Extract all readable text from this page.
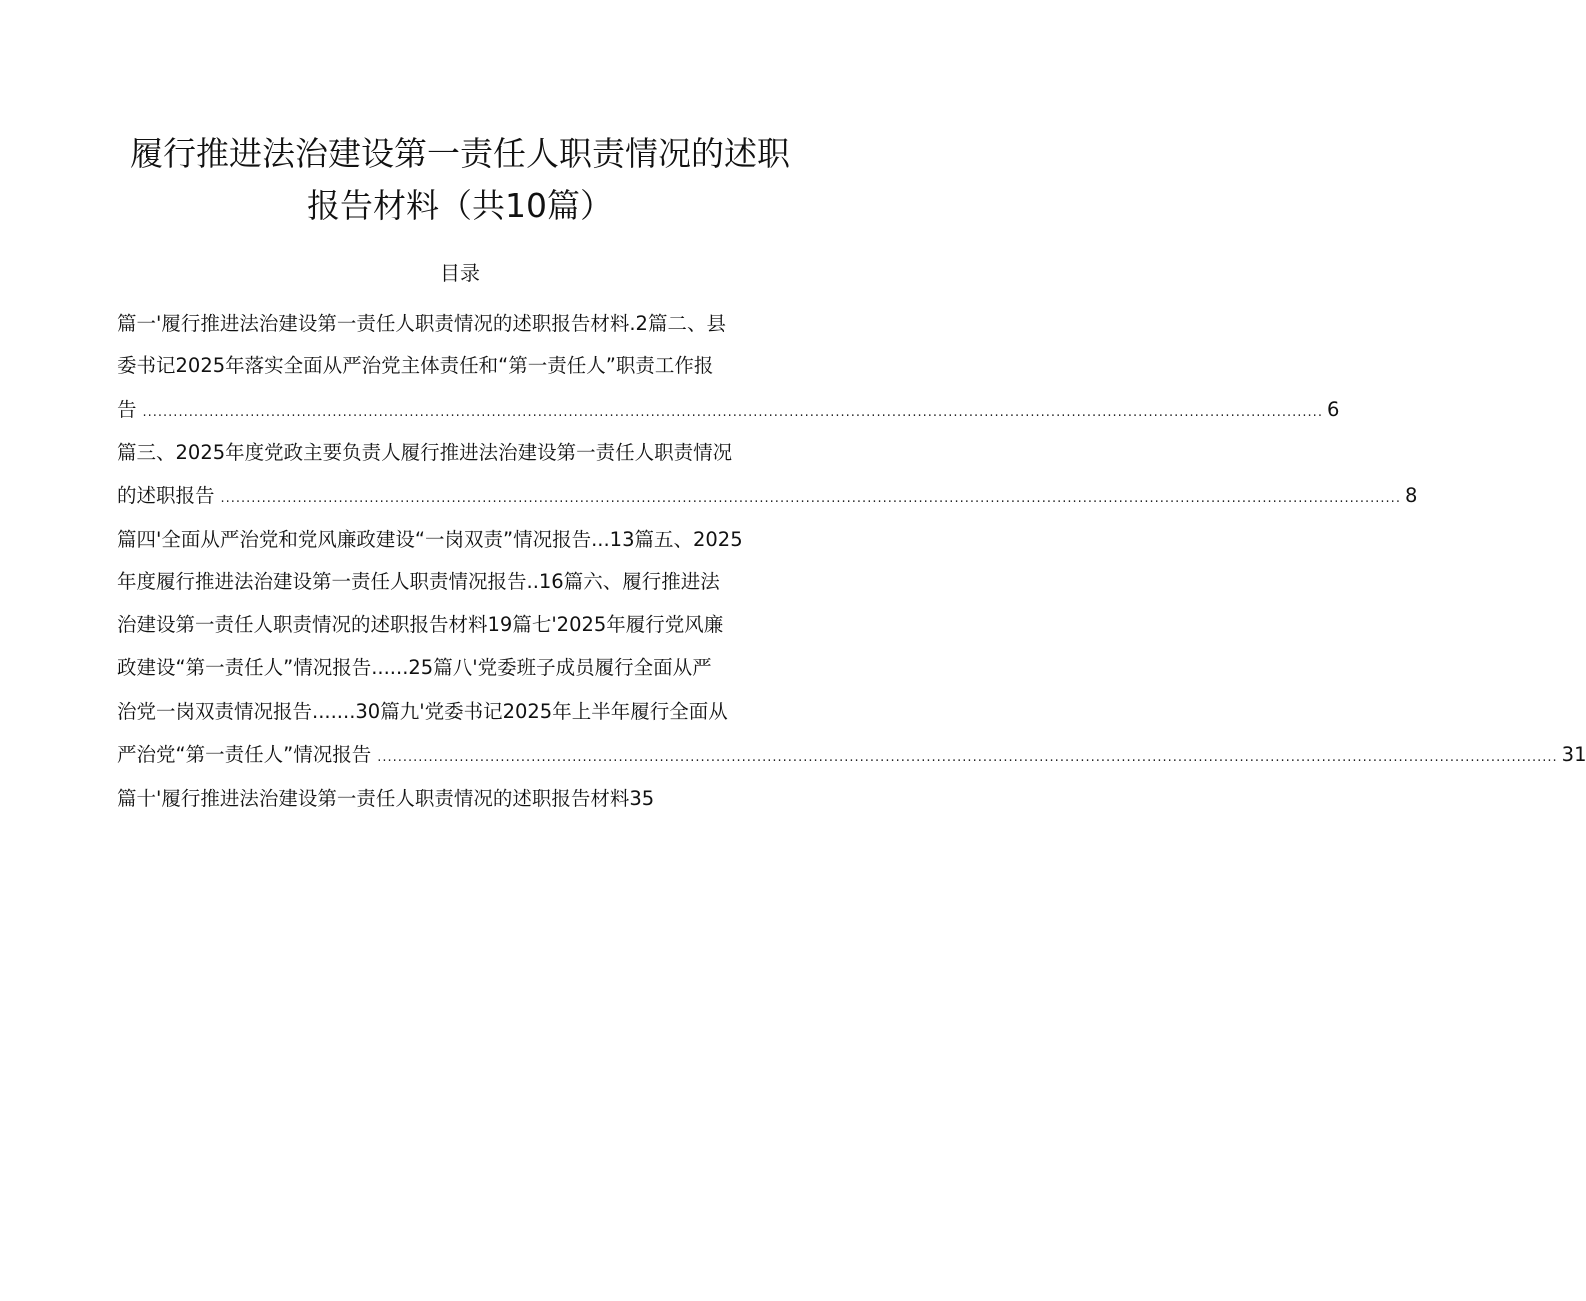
履行推进法治建设第一责任人职责情况的述职
报告材料（共10篇）
目录
篇一'履行推进法治建设第一责任人职责情况的述职报告材料.2篇二、县
委书记2025年落实全面从严治党主体责任和“第一责任人”职责工作报
告 ...................................................................................................................................................................................................................................... 6
篇三、2025年度党政主要负责人履行推进法治建设第一责任人职责情况
的述职报告 ...................................................................................................................................................................................................................................... 8
篇四'全面从严治党和党风廉政建设“一岗双责”情况报告...13篇五、2025
年度履行推进法治建设第一责任人职责情况报告..16篇六、履行推进法
治建设第一责任人职责情况的述职报告材料19篇七'2025年履行党风廉
政建设“第一责任人”情况报告......25篇八'党委班子成员履行全面从严
治党一岗双责情况报告.......30篇九'党委书记2025年上半年履行全面从
严治党“第一责任人”情况报告 ...................................................................................................................................................................................................................................... 31
篇十'履行推进法治建设第一责任人职责情况的述职报告材料35
